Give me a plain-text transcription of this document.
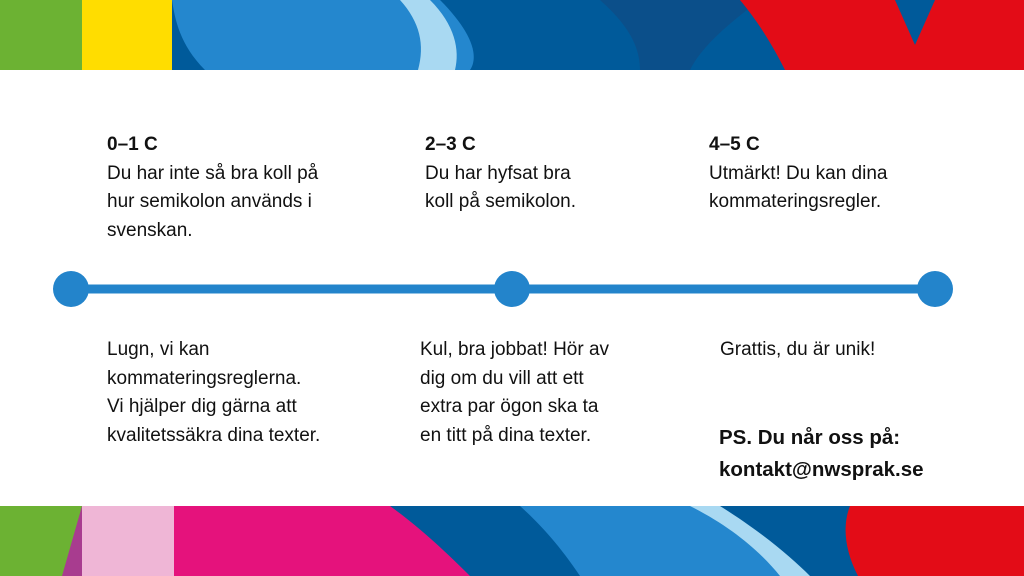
0–1 C
Du har inte så bra koll på
hur semikolon används i
svenskan.
2–3 C
Du har hyfsat bra
koll på semikolon.
4–5 C
Utmärkt! Du kan dina
kommateringsregler.
Lugn, vi kan
kommateringsreglerna.
Vi hjälper dig gärna att
kvalitetssäkra dina texter.
Kul, bra jobbat! Hör av
dig om du vill att ett
extra par ögon ska ta
en titt på dina texter.
Grattis, du är unik!
PS. Du når oss på:
kontakt@nwsprak.se
